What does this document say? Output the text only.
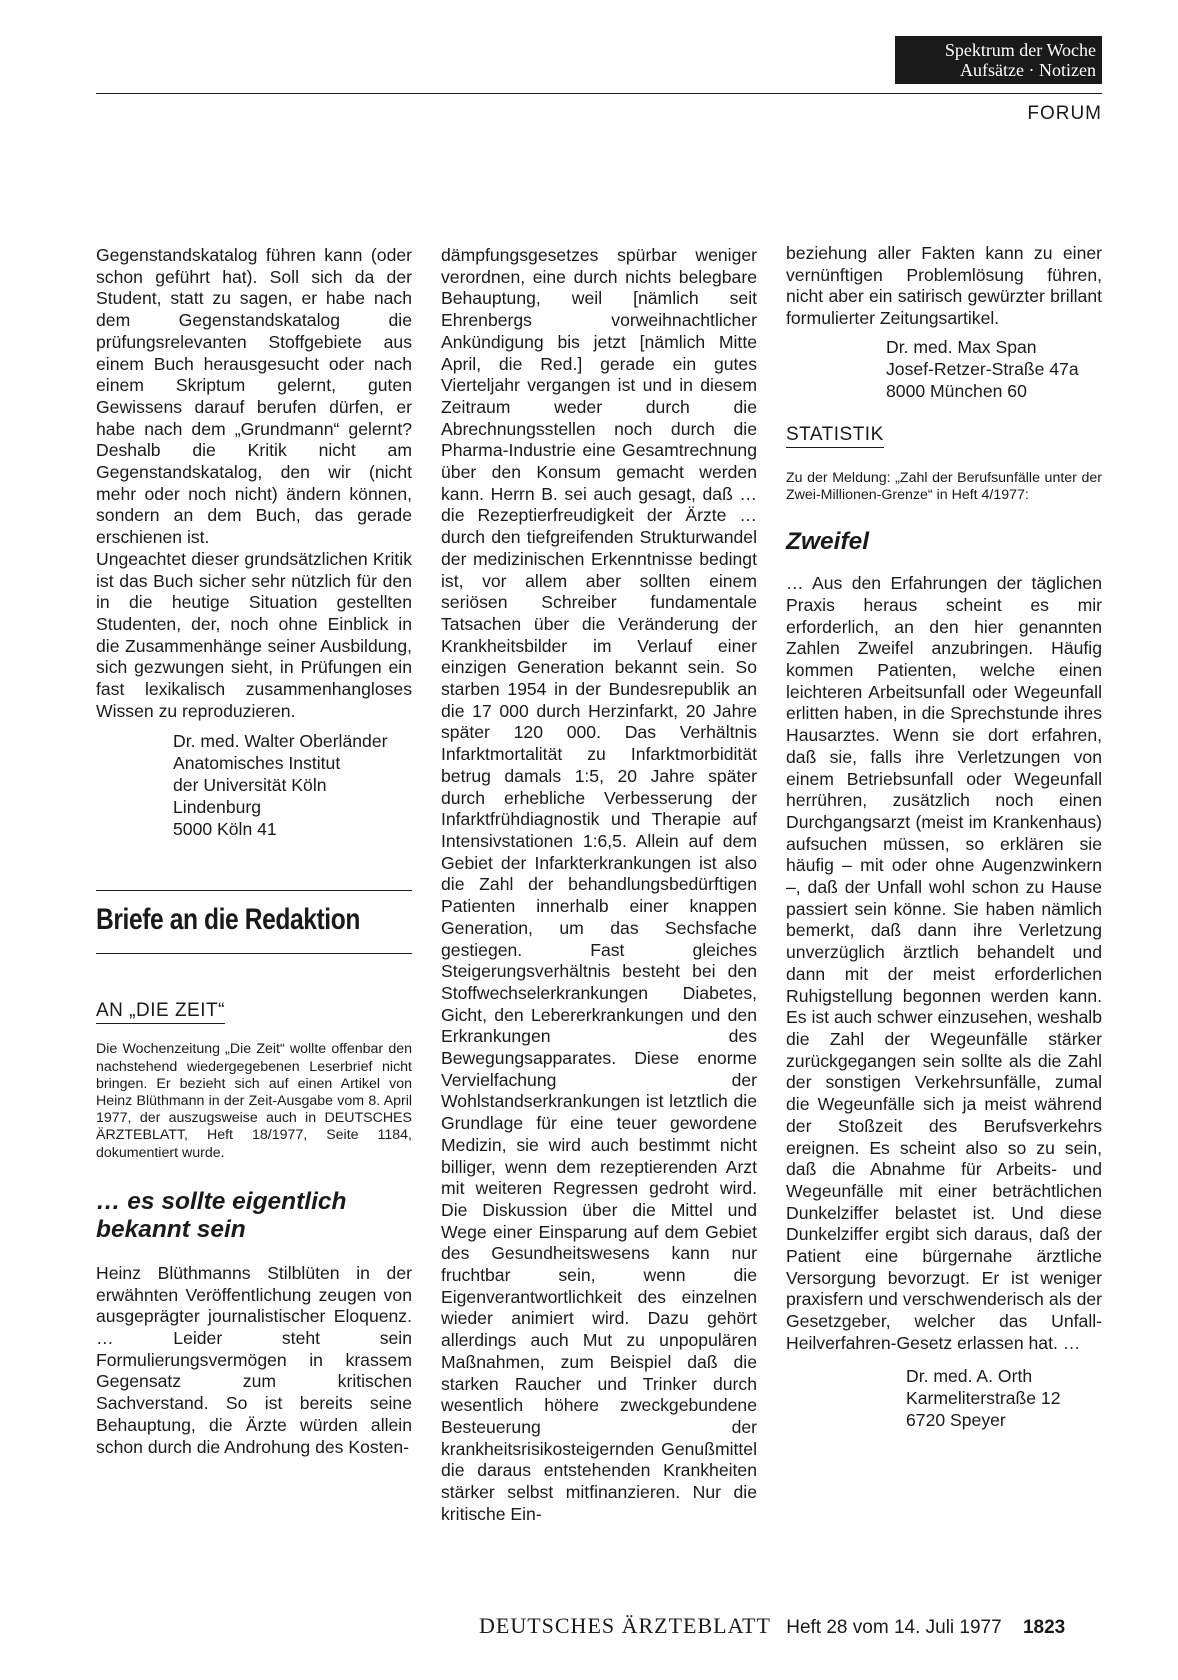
Spektrum der Woche
Aufsätze · Notizen
FORUM
Gegenstandskatalog führen kann (oder schon geführt hat). Soll sich da der Student, statt zu sagen, er habe nach dem Gegenstandskatalog die prüfungsrelevanten Stoffgebiete aus einem Buch herausgesucht oder nach einem Skriptum gelernt, guten Gewissens darauf berufen dürfen, er habe nach dem „Grundmann“ gelernt? Deshalb die Kritik nicht am Gegenstandskatalog, den wir (nicht mehr oder noch nicht) ändern können, sondern an dem Buch, das gerade erschienen ist.
Ungeachtet dieser grundsätzlichen Kritik ist das Buch sicher sehr nützlich für den in die heutige Situation gestellten Studenten, der, noch ohne Einblick in die Zusammenhänge seiner Ausbildung, sich gezwungen sieht, in Prüfungen ein fast lexikalisch zusammenhangloses Wissen zu reproduzieren.
Dr. med. Walter Oberländer
Anatomisches Institut
der Universität Köln
Lindenburg
5000 Köln 41
Briefe an die Redaktion
AN „DIE ZEIT“
Die Wochenzeitung „Die Zeit“ wollte offenbar den nachstehend wiedergegebenen Leserbrief nicht bringen. Er bezieht sich auf einen Artikel von Heinz Blüthmann in der Zeit-Ausgabe vom 8. April 1977, der auszugsweise auch in DEUTSCHES ÄRZTEBLATT, Heft 18/1977, Seite 1184, dokumentiert wurde.
… es sollte eigentlich
bekannt sein
Heinz Blüthmanns Stilblüten in der erwähnten Veröffentlichung zeugen von ausgeprägter journalistischer Eloquenz. … Leider steht sein Formulierungsvermögen in krassem Gegensatz zum kritischen Sachverstand. So ist bereits seine Behauptung, die Ärzte würden allein schon durch die Androhung des Kosten-
dämpfungsgesetzes spürbar weniger verordnen, eine durch nichts belegbare Behauptung, weil [nämlich seit Ehrenbergs vorweihnachtlicher Ankündigung bis jetzt [nämlich Mitte April, die Red.] gerade ein gutes Vierteljahr vergangen ist und in diesem Zeitraum weder durch die Abrechnungsstellen noch durch die Pharma-Industrie eine Gesamtrechnung über den Konsum gemacht werden kann. Herrn B. sei auch gesagt, daß … die Rezeptierfreudigkeit der Ärzte … durch den tiefgreifenden Strukturwandel der medizinischen Erkenntnisse bedingt ist, vor allem aber sollten einem seriösen Schreiber fundamentale Tatsachen über die Veränderung der Krankheitsbilder im Verlauf einer einzigen Generation bekannt sein. So starben 1954 in der Bundesrepublik an die 17 000 durch Herzinfarkt, 20 Jahre später 120 000. Das Verhältnis Infarktmortalität zu Infarktmorbidität betrug damals 1:5, 20 Jahre später durch erhebliche Verbesserung der Infarktfrühdiagnostik und Therapie auf Intensivstationen 1:6,5. Allein auf dem Gebiet der Infarkterkrankungen ist also die Zahl der behandlungsbedürftigen Patienten innerhalb einer knappen Generation, um das Sechsfache gestiegen. Fast gleiches Steigerungsverhältnis besteht bei den Stoffwechselerkrankungen Diabetes, Gicht, den Lebererkrankungen und den Erkrankungen des Bewegungsapparates. Diese enorme Vervielfachung der Wohlstandserkrankungen ist letztlich die Grundlage für eine teuer gewordene Medizin, sie wird auch bestimmt nicht billiger, wenn dem rezeptierenden Arzt mit weiteren Regressen gedroht wird. Die Diskussion über die Mittel und Wege einer Einsparung auf dem Gebiet des Gesundheitswesens kann nur fruchtbar sein, wenn die Eigenverantwortlichkeit des einzelnen wieder animiert wird. Dazu gehört allerdings auch Mut zu unpopulären Maßnahmen, zum Beispiel daß die starken Raucher und Trinker durch wesentlich höhere zweckgebundene Besteuerung der krankheitsrisikosteigernden Genußmittel die daraus entstehenden Krankheiten stärker selbst mitfinanzieren. Nur die kritische Ein-
beziehung aller Fakten kann zu einer vernünftigen Problemlösung führen, nicht aber ein satirisch gewürzter brillant formulierter Zeitungsartikel.
Dr. med. Max Span
Josef-Retzer-Straße 47a
8000 München 60
STATISTIK
Zu der Meldung: „Zahl der Berufsunfälle unter der Zwei-Millionen-Grenze“ in Heft 4/1977:
Zweifel
… Aus den Erfahrungen der täglichen Praxis heraus scheint es mir erforderlich, an den hier genannten Zahlen Zweifel anzubringen. Häufig kommen Patienten, welche einen leichteren Arbeitsunfall oder Wegeunfall erlitten haben, in die Sprechstunde ihres Hausarztes. Wenn sie dort erfahren, daß sie, falls ihre Verletzungen von einem Betriebsunfall oder Wegeunfall herrühren, zusätzlich noch einen Durchgangsarzt (meist im Krankenhaus) aufsuchen müssen, so erklären sie häufig – mit oder ohne Augenzwinkern –, daß der Unfall wohl schon zu Hause passiert sein könne. Sie haben nämlich bemerkt, daß dann ihre Verletzung unverzüglich ärztlich behandelt und dann mit der meist erforderlichen Ruhigstellung begonnen werden kann. Es ist auch schwer einzusehen, weshalb die Zahl der Wegeunfälle stärker zurückgegangen sein sollte als die Zahl der sonstigen Verkehrsunfälle, zumal die Wegeunfälle sich ja meist während der Stoßzeit des Berufsverkehrs ereignen. Es scheint also so zu sein, daß die Abnahme für Arbeits- und Wegeunfälle mit einer beträchtlichen Dunkelziffer belastet ist. Und diese Dunkelziffer ergibt sich daraus, daß der Patient eine bürgernahe ärztliche Versorgung bevorzugt. Er ist weniger praxisfern und verschwenderisch als der Gesetzgeber, welcher das Unfall-Heilverfahren-Gesetz erlassen hat. …
Dr. med. A. Orth
Karmeliterstraße 12
6720 Speyer
DEUTSCHES ÄRZTEBLATT Heft 28 vom 14. Juli 1977 1823
